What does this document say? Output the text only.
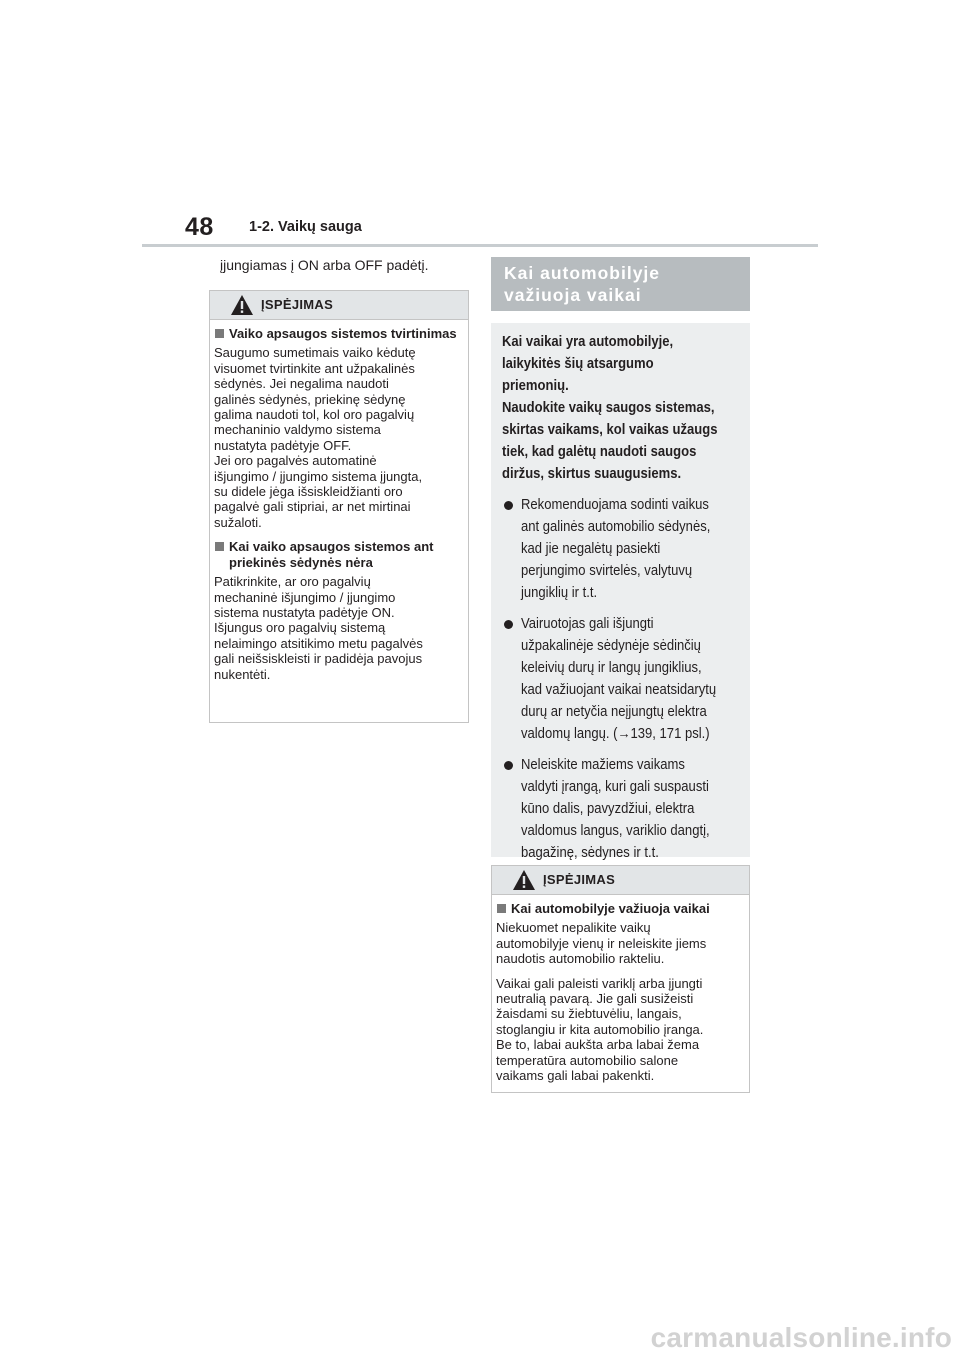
48 1-2. Vaikų sauga
įjungiamas į ON arba OFF padėtį.
ĮSPĖJIMAS
Vaiko apsaugos sistemos tvirtinimas

Saugumo sumetimais vaiko kėdutę
visuomet tvirtinkite ant užpakalinės
sėdynės. Jei negalima naudoti
galinės sėdynės, priekinę sėdynę
galima naudoti tol, kol oro pagalvių
mechaninio valdymo sistema
nustatyta padėtyje OFF.
Jei oro pagalvės automatinė
išjungimo / įjungimo sistema įjungta,
su didele jėga išsiskleidžianti oro
pagalvė gali stipriai, ar net mirtinai
sužaloti.

Kai vaiko apsaugos sistemos ant priekinės sėdynės nėra

Patikrinkite, ar oro pagalvių
mechaninė išjungimo / įjungimo
sistema nustatyta padėtyje ON.
Išjungus oro pagalvių sistemą
nelaimingo atsitikimo metu pagalvės
gali neišsiskleisti ir padidėja pavojus
nukentėti.

Kai automobilyje važiuoja vaikai

Kai vaikai yra automobilyje,
laikykitės šių atsargumo
priemonių.
Naudokite vaikų saugos sistemas,
skirtas vaikams, kol vaikas užaugs
tiek, kad galėtų naudoti saugos
diržus, skirtus suaugusiems.

Rekomenduojama sodinti vaikus
ant galinės automobilio sėdynės,
kad jie negalėtų pasiekti
perjungimo svirtelės, valytuvų
jungiklių ir t.t.
Vairuotojas gali išjungti
užpakalinėje sėdynėje sėdinčių
keleivių durų ir langų jungiklius,
kad važiuojant vaikai neatsidarytų
durų ar netyčia neįjungtų elektra
valdomų langų. (→139, 171 psl.)
Neleiskite mažiems vaikams
valdyti įrangą, kuri gali suspausti
kūno dalis, pavyzdžiui, elektra
valdomus langus, variklio dangtį,
bagažinę, sėdynes ir t.t.
ĮSPĖJIMAS
Kai automobilyje važiuoja vaikai

Niekuomet nepalikite vaikų
automobilyje vienų ir neleiskite jiems
naudotis automobilio rakteliu.

Vaikai gali paleisti variklį arba įjungti
neutralią pavarą. Jie gali susižeisti
žaisdami su žiebtuvėliu, langais,
stoglangiu ir kita automobilio įranga.
Be to, labai aukšta arba labai žema
temperatūra automobilio salone
vaikams gali labai pakenkti.

carmanualsonline.info
